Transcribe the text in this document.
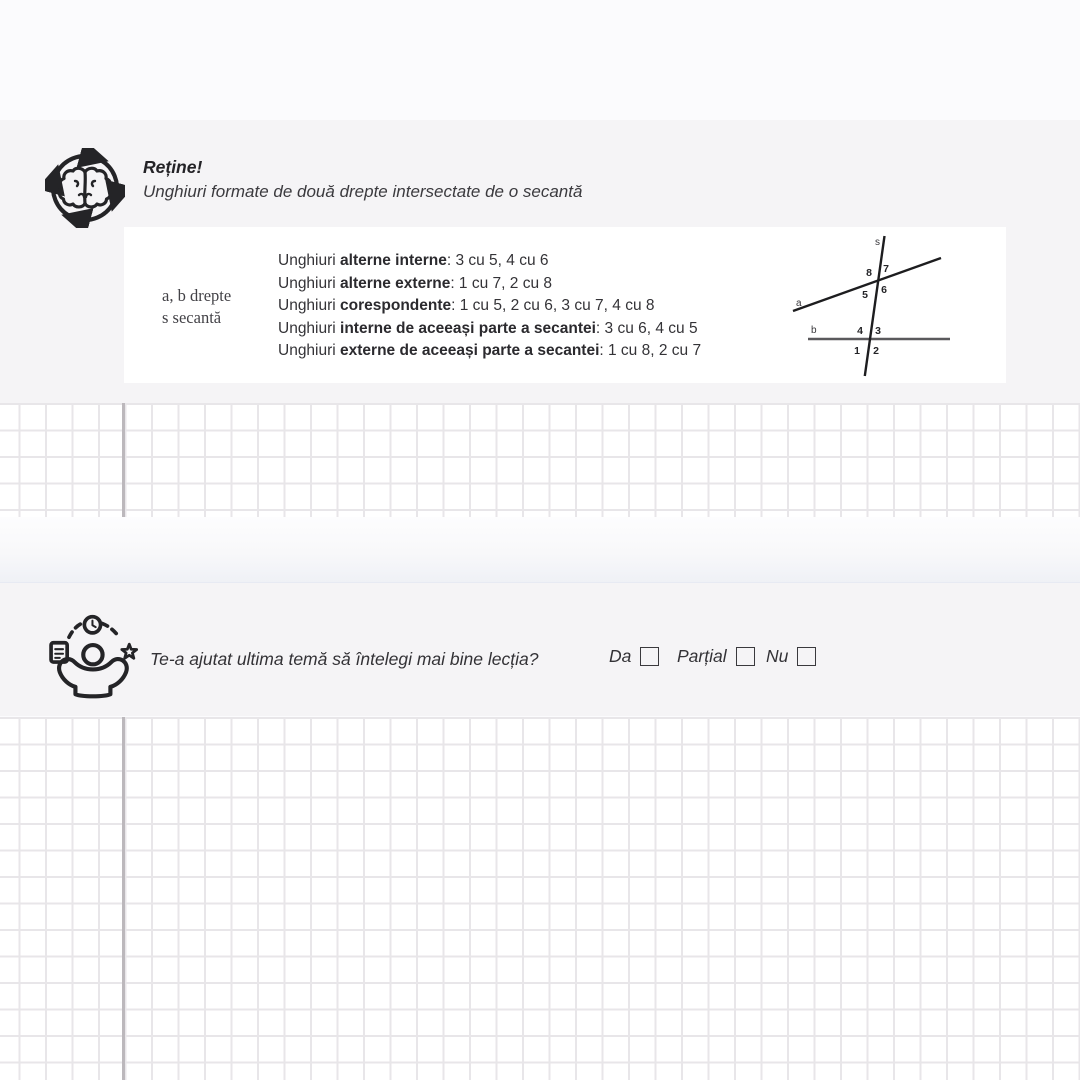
Reține!
Unghiuri formate de două drepte intersectate de o secantă
a, b drepte
s secantă
Unghiuri alterne interne: 3 cu 5, 4 cu 6
Unghiuri alterne externe: 1 cu 7, 2 cu 8
Unghiuri corespondente: 1 cu 5, 2 cu 6, 3 cu 7, 4 cu 8
Unghiuri interne de aceeași parte a secantei: 3 cu 6, 4 cu 5
Unghiuri externe de aceeași parte a secantei: 1 cu 8, 2 cu 7
s
a
b
8 7
5 6
4 3
1 2
Te-a ajutat ultima temă să întelegi mai bine lecția?	Da	Parțial Nu
